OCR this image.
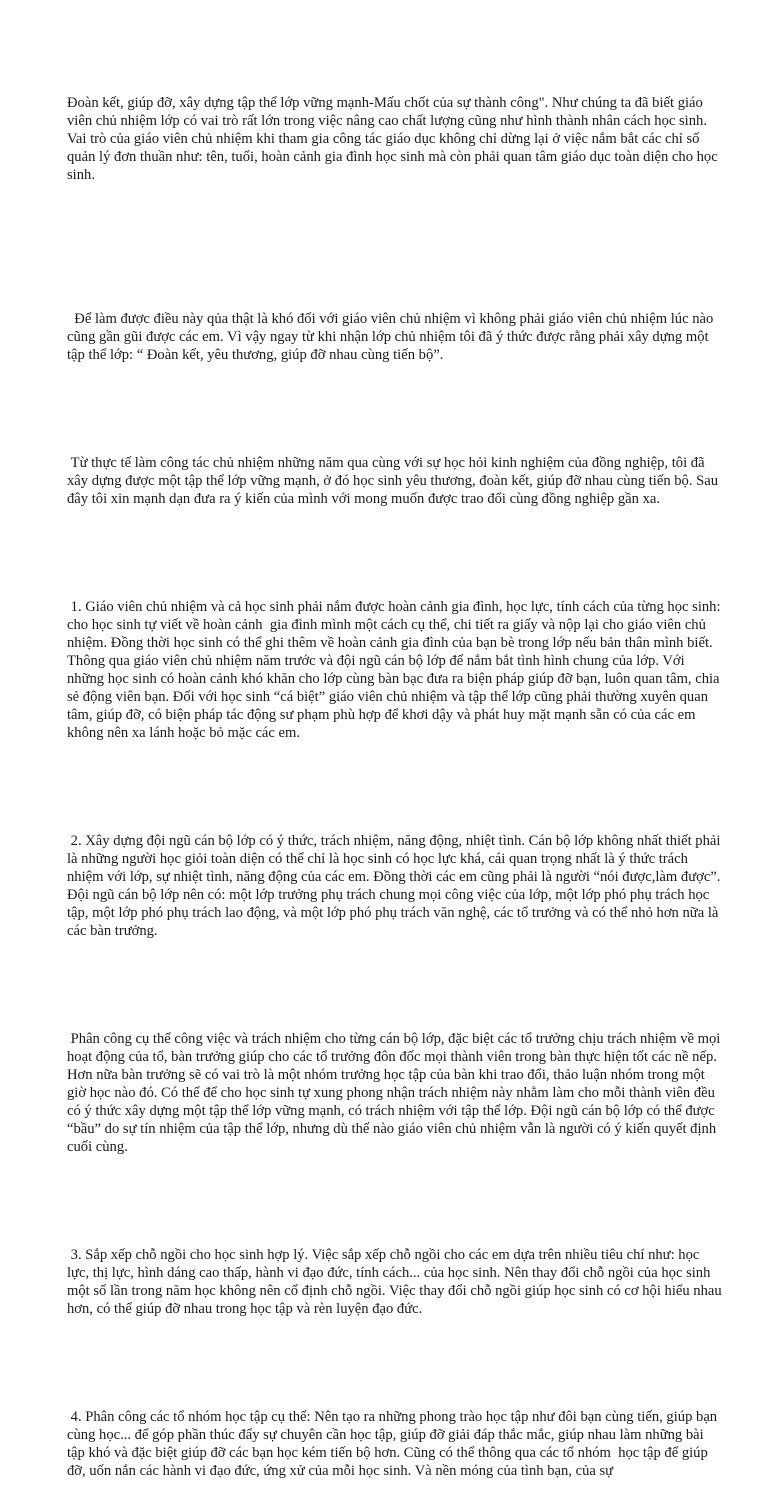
Đoàn kết, giúp đỡ, xây dựng tập thể lớp vững mạnh-Mấu chốt của sự thành công". Như chúng ta đã biết giáo viên chủ nhiệm lớp có vai trò rất lớn trong việc nâng cao chất lượng cũng như hình thành nhân cách học sinh. Vai trò của giáo viên chủ nhiệm khi tham gia công tác giáo dục không chỉ dừng lại ở việc nắm bắt các chỉ số quản lý đơn thuần như: tên, tuổi, hoàn cảnh gia đình học sinh mà còn phải quan tâm giáo dục toàn diện cho học sinh.

Để làm được điều này qủa thật là khó đối với giáo viên chủ nhiệm vì không phải giáo viên chủ nhiệm lúc nào cũng gần gũi được các em. Vì vậy ngay từ khi nhận lớp chủ nhiệm tôi đã ý thức được rằng phải xây dựng một tập thể lớp: “ Đoàn kết, yêu thương, giúp đỡ nhau cùng tiến bộ”.

Từ thực tế làm công tác chủ nhiệm những năm qua cùng với sự học hỏi kinh nghiệm của đồng nghiệp, tôi đã xây dựng được một tập thể lớp vững mạnh, ở đó học sinh yêu thương, đoàn kết, giúp đỡ nhau cùng tiến bộ. Sau đây tôi xin mạnh dạn đưa ra ý kiến của mình với mong muốn được trao đổi cùng đồng nghiệp gần xa.

1. Giáo viên chủ nhiệm và cả học sinh phải nắm được hoàn cảnh gia đình, học lực, tính cách của từng học sinh: cho học sinh tự viết về hoàn cảnh  gia đình mình một cách cụ thể, chi tiết ra giấy và nộp lại cho giáo viên chủ nhiệm. Đồng thời học sinh có thể ghi thêm về hoàn cảnh gia đình của bạn bè trong lớp nếu bản thân mình biết. Thông qua giáo viên chủ nhiệm năm trước và đội ngũ cán bộ lớp để nắm bắt tình hình chung của lớp. Với những học sinh có hoàn cảnh khó khăn cho lớp cùng bàn bạc đưa ra biện pháp giúp đỡ bạn, luôn quan tâm, chia sẻ động viên bạn. Đối với học sinh “cá biệt” giáo viên chủ nhiệm và tập thể lớp cũng phải thường xuyên quan tâm, giúp đỡ, có biện pháp tác động sư phạm phù hợp để khơi dậy và phát huy mặt mạnh sẵn có của các em không nên xa lánh hoặc bỏ mặc các em.

2. Xây dựng đội ngũ cán bộ lớp có ý thức, trách nhiệm, năng động, nhiệt tình. Cán bộ lớp không nhất thiết phải là những người học giỏi toàn diện có thể chỉ là học sinh có học lực khá, cái quan trọng nhất là ý thức trách nhiệm với lớp, sự nhiệt tình, năng động của các em. Đồng thời các em cũng phải là người “nói được,làm được”. Đội ngũ cán bộ lớp nên có: một lớp trưởng phụ trách chung mọi công việc của lớp, một lớp phó phụ trách học tập, một lớp phó phụ trách lao động, và một lớp phó phụ trách văn nghệ, các tổ trưởng và có thể nhỏ hơn nữa là các bàn trưởng.

Phân công cụ thể công việc và trách nhiệm cho từng cán bộ lớp, đặc biệt các tổ trưởng chịu trách nhiệm về mọi hoạt động của tổ, bàn trưởng giúp cho các tổ trưởng đôn đốc mọi thành viên trong bàn thực hiện tốt các nề nếp. Hơn nữa bàn trưởng sẽ có vai trò là một nhóm trưởng học tập của bàn khi trao đổi, thảo luận nhóm trong một giờ học nào đó. Có thể để cho học sinh tự xung phong nhận trách nhiệm này nhằm làm cho mỗi thành viên đều có ý thức xây dựng một tập thể lớp vững mạnh, có trách nhiệm với tập thể lớp. Đội ngũ cán bộ lớp có thể được “bầu” do sự tín nhiệm của tập thể lớp, nhưng dù thế nào giáo viên chủ nhiệm vẫn là người có ý kiến quyết định cuối cùng.

3. Sắp xếp chỗ ngồi cho học sinh hợp lý. Việc sắp xếp chỗ ngồi cho các em dựa trên nhiều tiêu chí như: học lực, thị lực, hình dáng cao thấp, hành vi đạo đức, tính cách... của học sinh. Nên thay đổi chỗ ngồi của học sinh một số lần trong năm học không nên cố định chỗ ngồi. Việc thay đổi chỗ ngồi giúp học sinh có cơ hội hiểu nhau hơn, có thể giúp đỡ nhau trong học tập và rèn luyện đạo đức.

4. Phân công các tổ nhóm học tập cụ thể: Nên tạo ra những phong trào học tập như đôi bạn cùng tiến, giúp bạn cùng học... để góp phần thúc đẩy sự chuyên cần học tập, giúp đỡ giải đáp thắc mắc, giúp nhau làm những bài tập khó và đặc biệt giúp đỡ các bạn học kém tiến bộ hơn. Cũng có thể thông qua các tổ nhóm  học tập để giúp đỡ, uốn nắn các hành vi đạo đức, ứng xử của mỗi học sinh. Và nền móng của tình bạn, của sự
